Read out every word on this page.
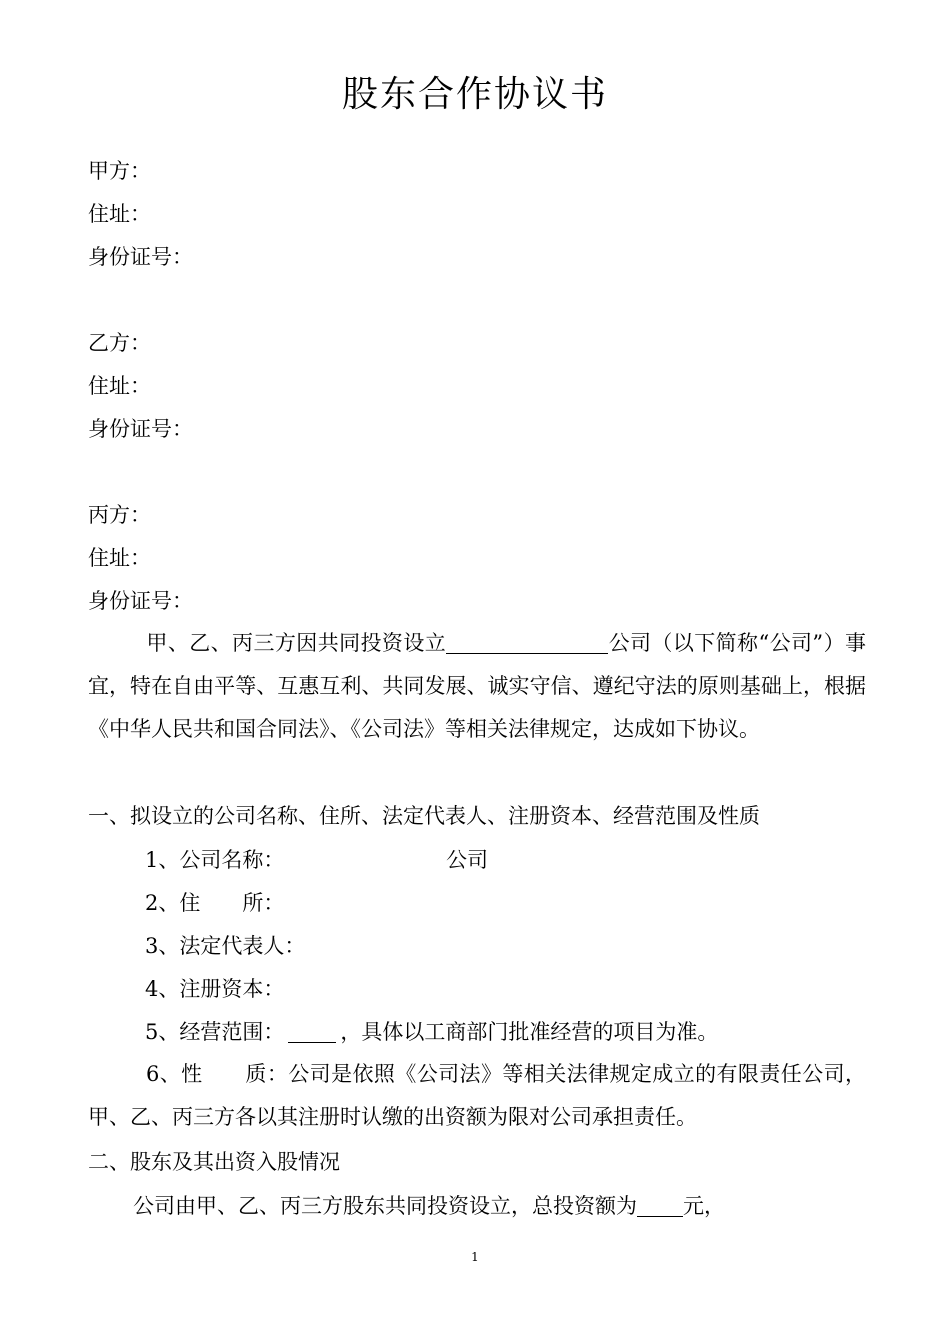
股东合作协议书
甲方：
住址：
身份证号：
乙方：
住址：
身份证号：
丙方：
住址：
身份证号：
甲、乙、丙三方因共同投资设立	公司（以下简称“公司”）事宜，特在自由平等、互惠互利、共同发展、诚实守信、遵纪守法的原则基础上，根据《中华人民共和国合同法》、《公司法》等相关法律规定，达成如下协议。
一、拟设立的公司名称、住所、法定代表人、注册资本、经营范围及性质
1、公司名称：	公司
2、住　　所：
3、法定代表人：
4、注册资本：
5、经营范围：	，具体以工商部门批准经营的项目为准。
6、性　　质：公司是依照《公司法》等相关法律规定成立的有限责任公司，甲、乙、丙三方各以其注册时认缴的出资额为限对公司承担责任。
二、股东及其出资入股情况
公司由甲、乙、丙三方股东共同投资设立，总投资额为 元，
1
